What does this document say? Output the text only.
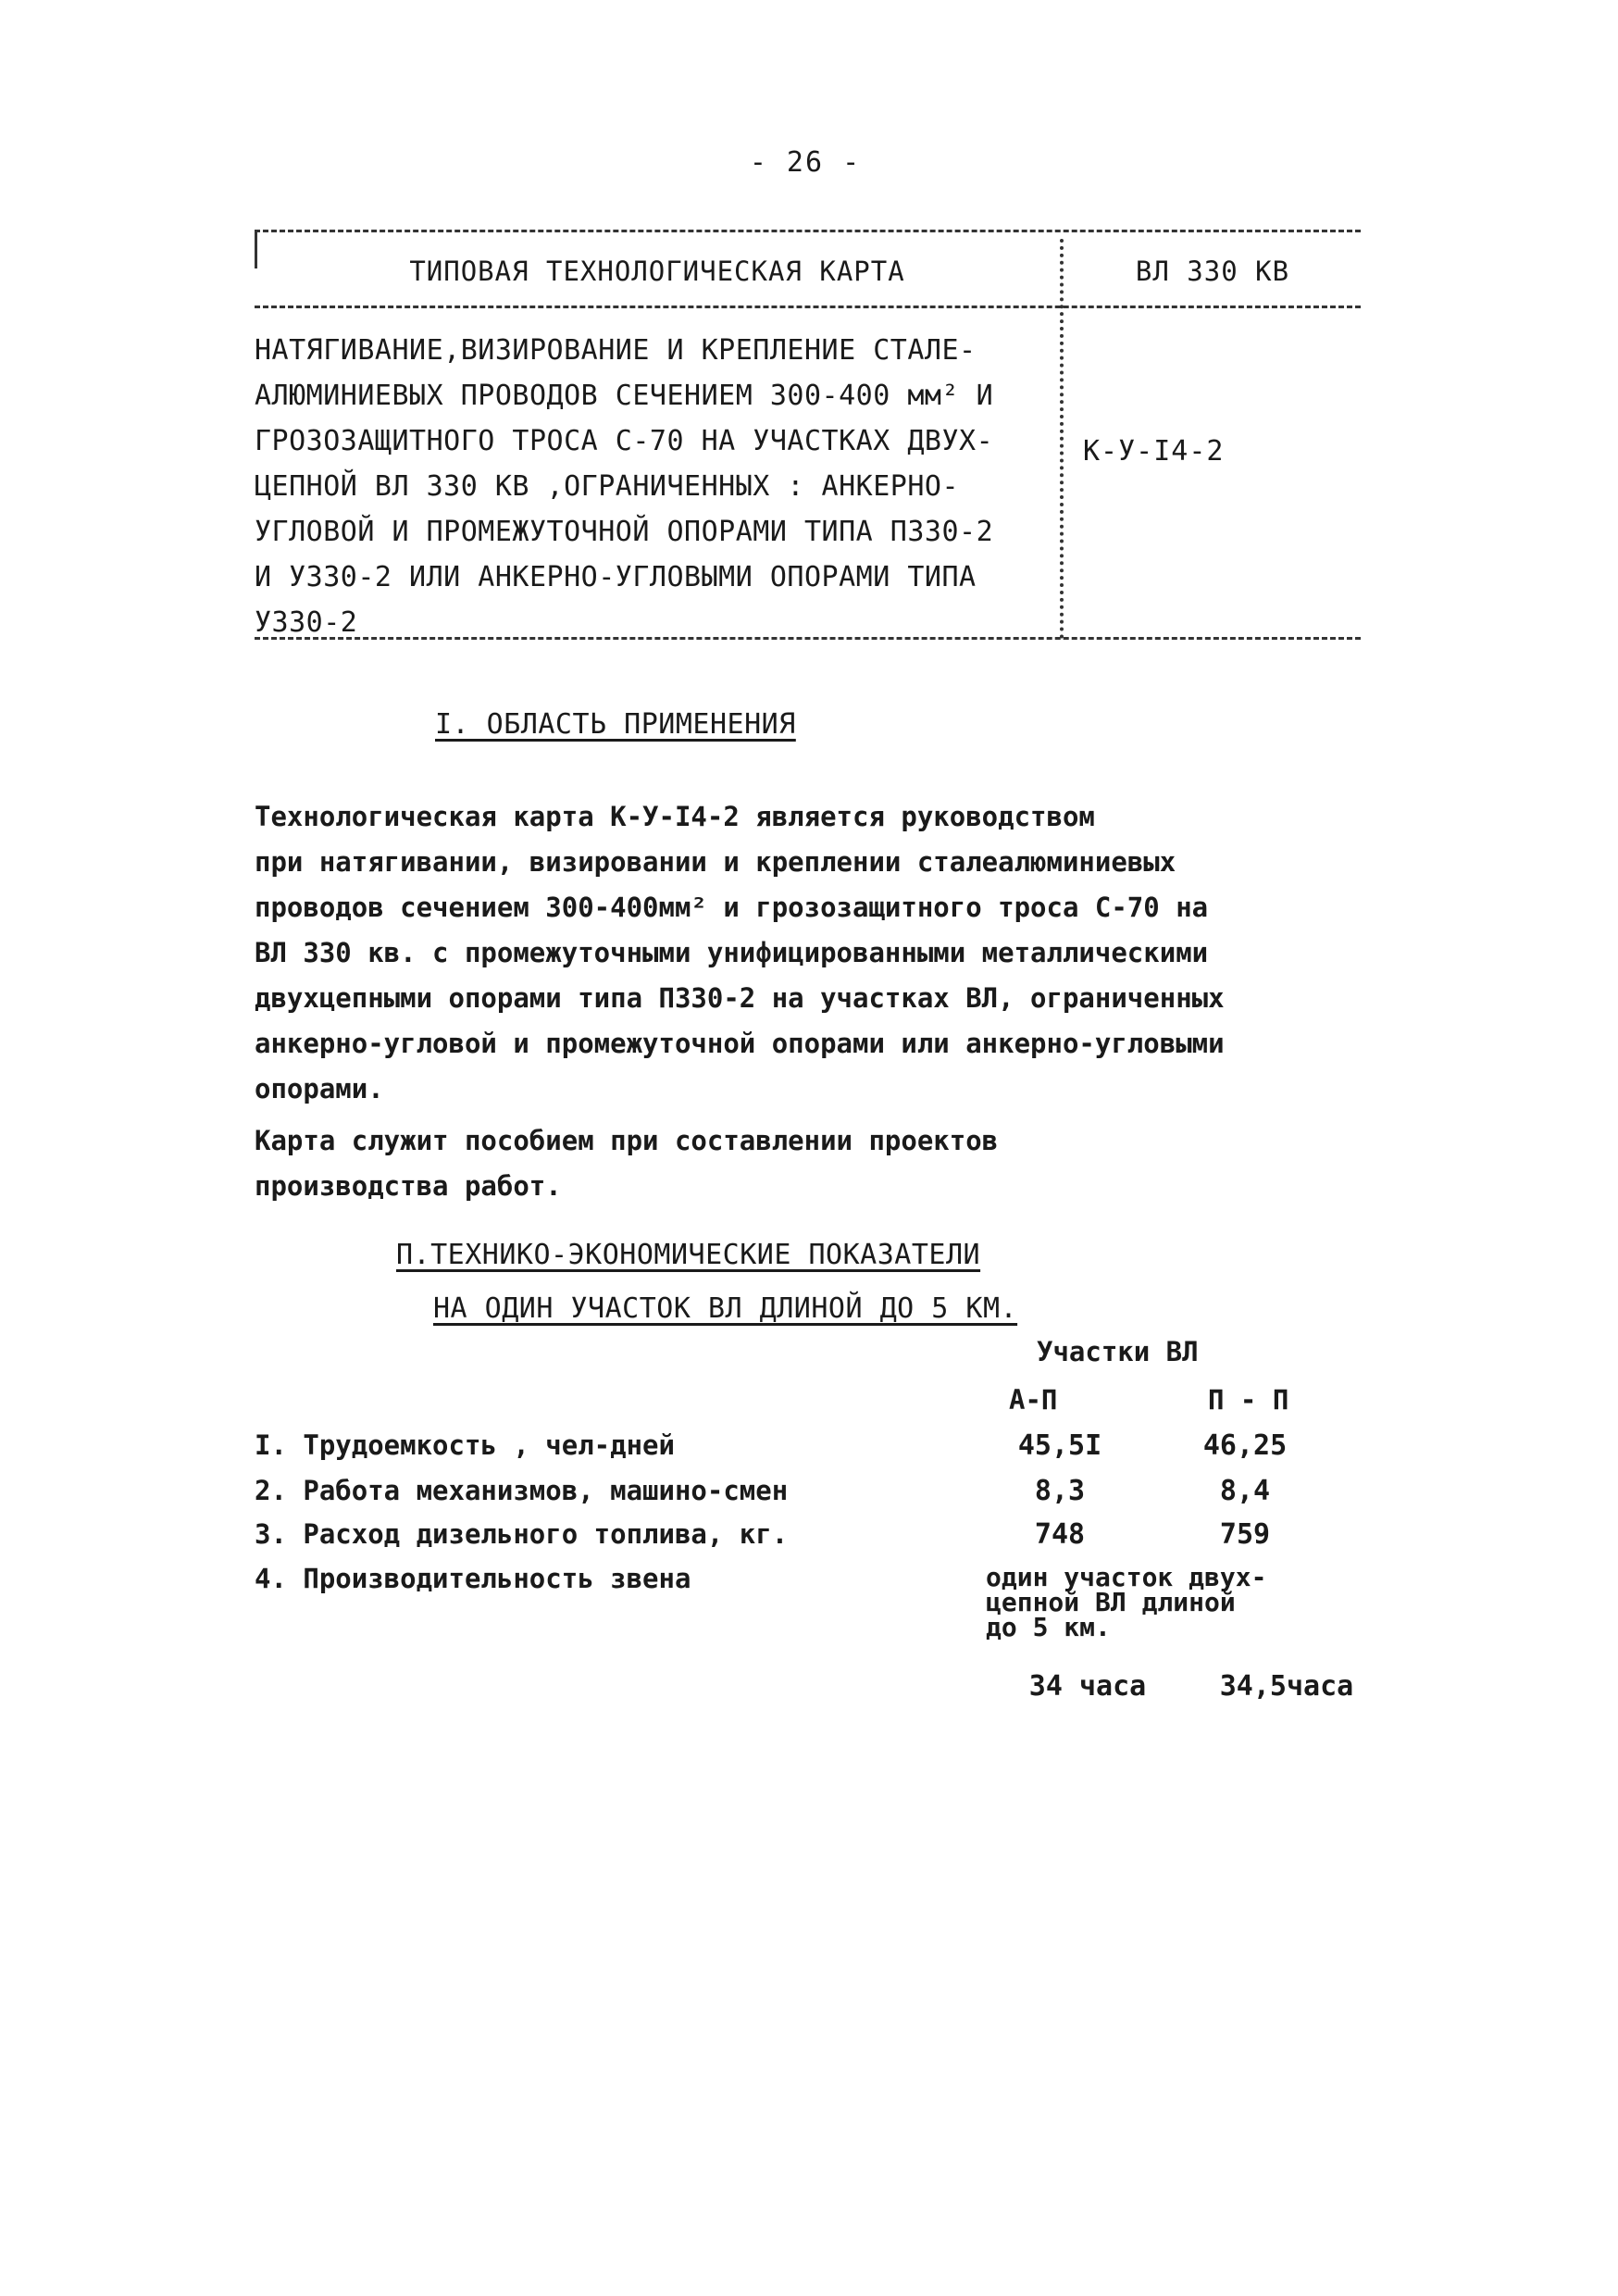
- 26 -
ТИПОВАЯ ТЕХНОЛОГИЧЕСКАЯ КАРТА	ВЛ 330 КВ
НАТЯГИВАНИЕ,ВИЗИРОВАНИЕ И КРЕПЛЕНИЕ СТАЛЕ-
АЛЮМИНИЕВЫХ ПРОВОДОВ СЕЧЕНИЕМ 300-400 мм² И
ГРОЗОЗАЩИТНОГО ТРОСА С-70 НА УЧАСТКАХ ДВУХ-
ЦЕПНОЙ ВЛ 330 КВ ,ОГРАНИЧЕННЫХ : АНКЕРНО-
УГЛОВОЙ И ПРОМЕЖУТОЧНОЙ ОПОРАМИ ТИПА П330-2
И У330-2 ИЛИ АНКЕРНО-УГЛОВЫМИ ОПОРАМИ ТИПА
У330-2
К-У-I4-2
I. ОБЛАСТЬ ПРИМЕНЕНИЯ
Технологическая карта К-У-I4-2 является руководством
при натягивании, визировании и креплении сталеалюминиевых
проводов сечением 300-400мм² и грозозащитного троса С-70 на
ВЛ 330 кв. с промежуточными унифицированными металлическими
двухцепными опорами типа П330-2 на участках ВЛ, ограниченных
анкерно-угловой и промежуточной опорами или анкерно-угловыми
опорами.
Карта служит пособием при составлении проектов
производства работ.
П.ТЕХНИКО-ЭКОНОМИЧЕСКИЕ ПОКАЗАТЕЛИ
НА ОДИН УЧАСТОК ВЛ ДЛИНОЙ ДО 5 КМ.
Участки ВЛ
А-П	П - П
I. Трудоемкость , чел-дней	45,5I	46,25
2. Работа механизмов, машино-смен	8,3	8,4
3. Расход дизельного топлива, кг.	748	759
4. Производительность звена	один участок двух-
цепной ВЛ длиной
до 5 км.
34 часа	34,5часа
